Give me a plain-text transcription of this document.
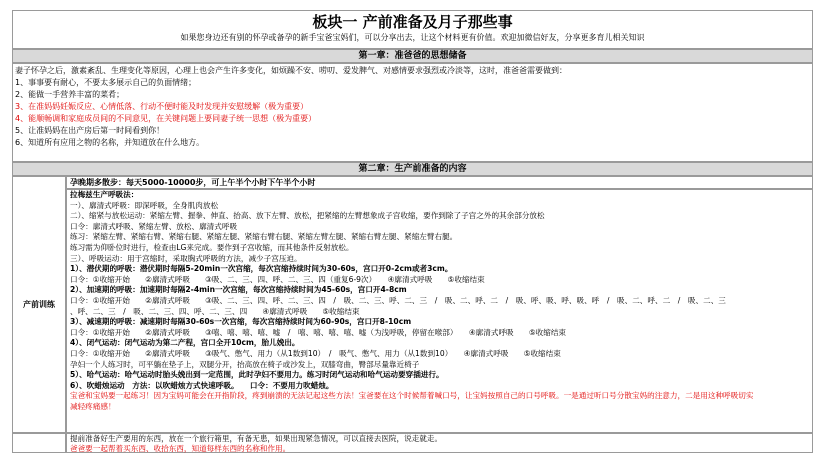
板块一 产前准备及月子那些事
如果您身边还有别的怀孕或备孕的新手宝爸宝妈们，可以分享出去，让这个材料更有价值。欢迎加微信好友，分享更多育儿相关知识
第一章：准爸爸的思想储备
妻子怀孕之后，激素紊乱、生理变化等原因，心理上也会产生许多变化，如烦躁不安、唠叨、爱发脾气、对感情要求强烈或冷淡等，这时，准爸爸需要做到：
1、事事要有耐心，不要太多展示自己的负面情绪；
2、能做一手营养丰富的菜肴；
3、在准妈妈妊娠反应、心情低落、行动不便时能及时发现并安慰缓解（极为重要）
4、能顺畅调和家庭成员间的不同意见，在关键问题上要同妻子统一思想（极为重要）
5、让准妈妈在出产房后第一时间看到你！
6、知道所有应用之物的名称，并知道放在什么地方。
第二章：生产前准备的内容
产前训练
孕晚期多散步：每天5000-10000步，可上午半个小时下午半个小时
拉梅兹生产呼吸法：
一）、廓清式呼吸：即深呼吸，全身肌肉放松
二）、缩紧与放松运动：紧缩左臂、握拳、伸直、抬高、放下左臂、放松，把紧缩的左臂想象成子宫收缩，要作到除了子宫之外的其余部分放松
口令：廓清式呼吸、紧缩左臂、放松、廓清式呼吸
练习：紧缩左臂、紧缩右臂、紧缩右腿、紧缩左腿、紧缩右臂右腿、紧缩左臂左腿、紧缩右臂左腿、紧缩左臂右腿。
练习需为仰卧位时进行，检查由LG来完成。要作到子宫收缩，而其他条件反射放松。
三）、呼吸运动：用于宫缩时，采取胸式呼吸的方法，减少子宫压迫。
1）、潜伏期的呼吸：潜伏期时每隔5-20min一次宫缩，每次宫缩持续时间为30-60s，宫口开0-2cm或者3cm。
口令：①收缩开始　　②廓清式呼吸　　③吸、二、三、四、呼、二、三、四（重复6-9次）　　④廓清式呼吸　　⑤收缩结束
2）、加速期的呼吸：加速期时每隔2-4min一次宫缩，每次宫缩持续时间为45-60s，宫口开4-8cm
口令：①收缩开始　　②廓清式呼吸　　③吸、二、三、四、呼、二、三、四　/　吸、二、三、呼、二、三　/　吸、二、呼、二　/　吸、呼、吸、呼、吸、呼　/　吸、二、呼、二　/　吸、二、三
、呼、二、三　/　吸、二、三、四、呼、二、三、四　　④廓清式呼吸　　⑤收缩结束
3）、减速期的呼吸：减速期时每隔30-60s一次宫缩，每次宫缩持续时间为60-90s，宫口开8-10cm
口令：①收缩开始　　②廓清式呼吸　　③嘻、嘻、嘻、嘻、嘘　/　嘻、嘻、嘻、嘻、嘘（为浅呼吸，停留在喉部）　　④廓清式呼吸　　⑤收缩结束
4）、闭气运动：闭气运动为第二产程，宫口全开10cm，胎儿娩出。
口令：①收缩开始　　②廓清式呼吸　　③吸气、憋气、用力（从1数到10）　/　吸气、憋气、用力（从1数到10）　　④廓清式呼吸　　⑤收缩结束
孕妇一个人练习时，可平躺在垫子上，双腿分开，抬高放在椅子或沙发上，双膝弯曲，臀部尽量靠近椅子
5）、哈气运动：哈气运动时胎头娩出到一定范围，此时孕妇不要用力。练习时闭气运动和哈气运动要穿插进行。
6）、吹蜡烛运动　方法：以吹蜡烛方式快速呼吸。　　口令：不要用力吹蜡烛。
宝爸和宝妈要一起练习！因为宝妈可能会在开指阶段，疼到崩溃的无法记起这些方法！宝爸要在这个时候帮着喊口号，让宝妈按照自己的口号呼吸。一是通过听口号分散宝妈的注意力，二是用这种呼吸切实
减轻疼痛感！
提前准备好生产要用的东西，放在一个旅行箱里，有备无患，如果出现紧急情况，可以直接去医院，说走就走。
爸爸要一起帮着买东西、收拾东西，知道每样东西的名称和作用。
